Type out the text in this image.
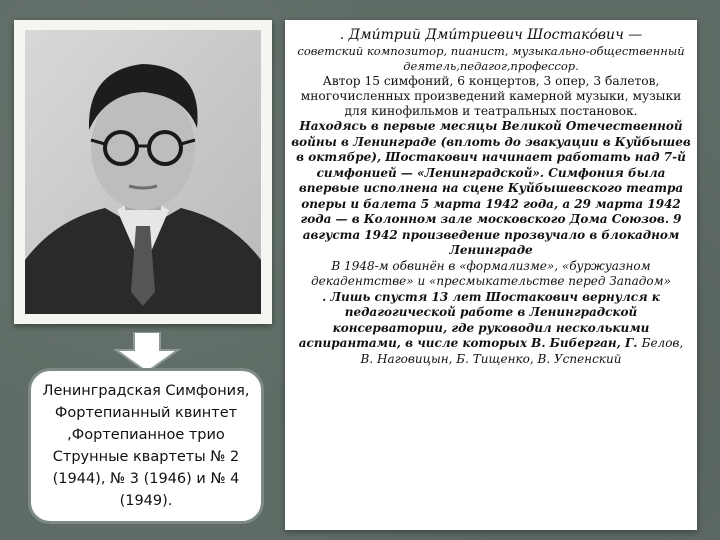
Ленинградская Симфония, Фортепианный квинтет ,Фортепианное трио Струнные квартеты № 2 (1944), № 3 (1946) и № 4 (1949).

. Дми́трий Дми́триевич Шостако́вич —

советский композитор, пианист, музыкально-общественный деятель,педагог,профессор.

Автор 15 симфоний, 6 концертов, 3 опер, 3 балетов, многочисленных произведений камерной музыки, музыки для кинофильмов и театральных постановок.

Находясь в первые месяцы Великой Отечественной войны в Ленинграде (вплоть до эвакуации в Куйбышев в октябре), Шостакович начинает работать над 7-й симфонией — «Ленинградской». Симфония была впервые исполнена на сцене Куйбышевского театра оперы и балета 5 марта 1942 года, а 29 марта 1942 года — в Колонном зале московского Дома Союзов. 9 августа 1942 произведение прозвучало в блокадном Ленинграде

В 1948-м обвинён в «формализме», «буржуазном декадентстве» и «пресмыкательстве перед Западом»

. Лишь спустя 13 лет Шостакович вернулся к педагогической работе в Ленинградской консерватории, где руководил несколькими аспирантами, в числе которых В. Биберган, Г. Белов, В. Наговицын, Б. Тищенко, В. Успенский
